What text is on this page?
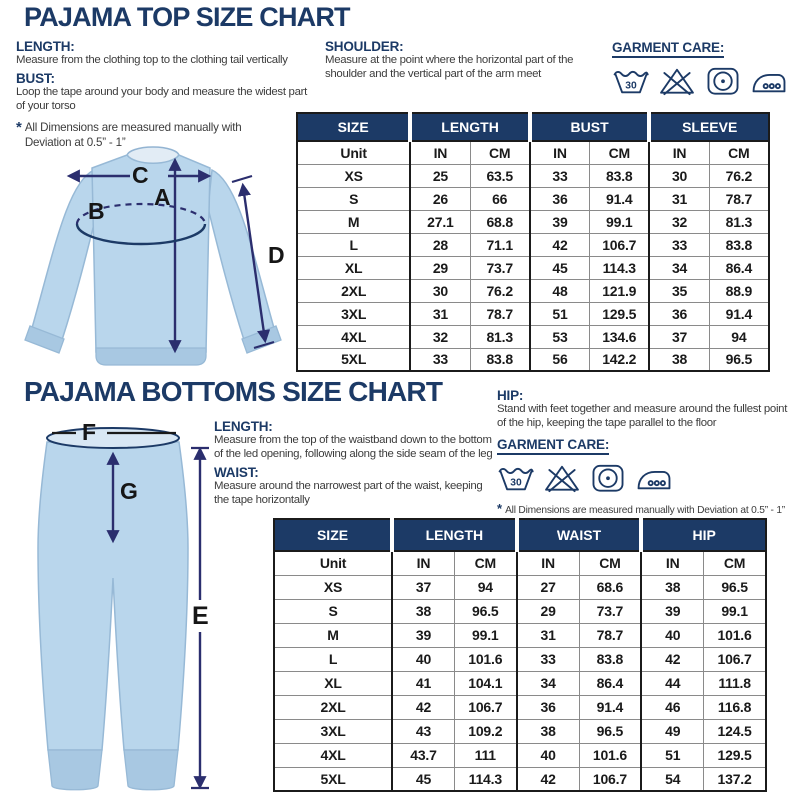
PAJAMA TOP SIZE CHART
LENGTH:
Measure from the clothing top to the clothing tail vertically
BUST:
Loop the tape around your body and measure the widest part of your torso
* All Dimensions are measured manually with Deviation at 0.5” - 1”
SHOULDER:
Measure at the point where the horizontal part of the shoulder and the vertical part of the arm meet
GARMENT CARE:
30
C
A
B
D
SIZE	LENGTH		BUST		SLEEVE	
Unit	IN	CM	IN	CM	IN	CM
XS	25	63.5	33	83.8	30	76.2
S	26	66	36	91.4	31	78.7
M	27.1	68.8	39	99.1	32	81.3
L	28	71.1	42	106.7	33	83.8
XL	29	73.7	45	114.3	34	86.4
2XL	30	76.2	48	121.9	35	88.9
3XL	31	78.7	51	129.5	36	91.4
4XL	32	81.3	53	134.6	37	94
5XL	33	83.8	56	142.2	38	96.5
PAJAMA BOTTOMS SIZE CHART
LENGTH:
Measure from the top of the waistband down to the bottom of the led opening, following along the side seam of the leg
WAIST:
Measure around the narrowest part of the waist, keeping the tape horizontally
HIP:
Stand with feet together and measure around the fullest point of the hip, keeping the tape parallel to the floor
GARMENT CARE:
30
* All Dimensions are measured manually with Deviation at 0.5” - 1”
F
G
E
SIZE	LENGTH		WAIST		HIP	
Unit	IN	CM	IN	CM	IN	CM
XS	37	94	27	68.6	38	96.5
S	38	96.5	29	73.7	39	99.1
M	39	99.1	31	78.7	40	101.6
L	40	101.6	33	83.8	42	106.7
XL	41	104.1	34	86.4	44	111.8
2XL	42	106.7	36	91.4	46	116.8
3XL	43	109.2	38	96.5	49	124.5
4XL	43.7	111	40	101.6	51	129.5
5XL	45	114.3	42	106.7	54	137.2
